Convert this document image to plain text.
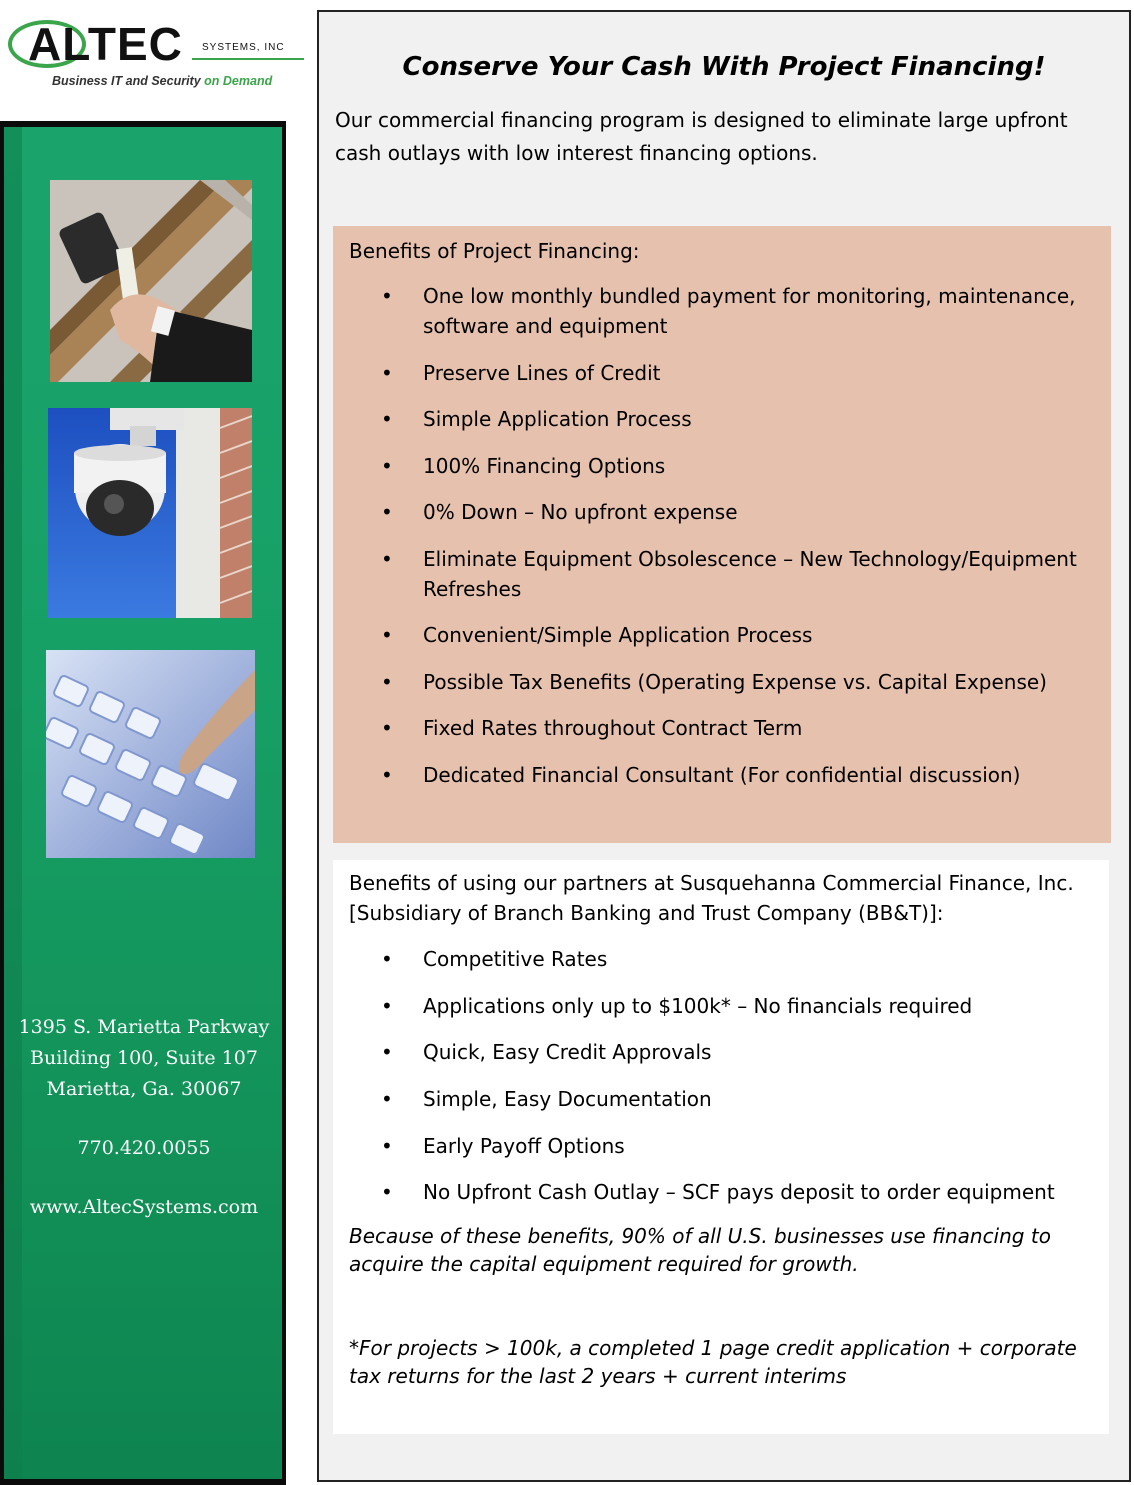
ALTEC SYSTEMS, INC
Business IT and Security on Demand
1395 S. Marietta Parkway
Building 100, Suite 107
Marietta, Ga. 30067
770.420.0055
www.AltecSystems.com
Conserve Your Cash With Project Financing!
Our commercial financing program is designed to eliminate large upfront cash outlays with low interest financing options.
Benefits of Project Financing:
• One low monthly bundled payment for monitoring, maintenance, software and equipment
• Preserve Lines of Credit
• Simple Application Process
• 100% Financing Options
• 0% Down – No upfront expense
• Eliminate Equipment Obsolescence – New Technology/Equipment Refreshes
• Convenient/Simple Application Process
• Possible Tax Benefits (Operating Expense vs. Capital Expense)
• Fixed Rates throughout Contract Term
• Dedicated Financial Consultant (For confidential discussion)
Benefits of using our partners at Susquehanna Commercial Finance, Inc. [Subsidiary of Branch Banking and Trust Company (BB&T)]:
• Competitive Rates
• Applications only up to $100k* – No financials required
• Quick, Easy Credit Approvals
• Simple, Easy Documentation
• Early Payoff Options
• No Upfront Cash Outlay – SCF pays deposit to order equipment
Because of these benefits, 90% of all U.S. businesses use financing to acquire the capital equipment required for growth.
*For projects > 100k, a completed 1 page credit application + corporate tax returns for the last 2 years + current interims
